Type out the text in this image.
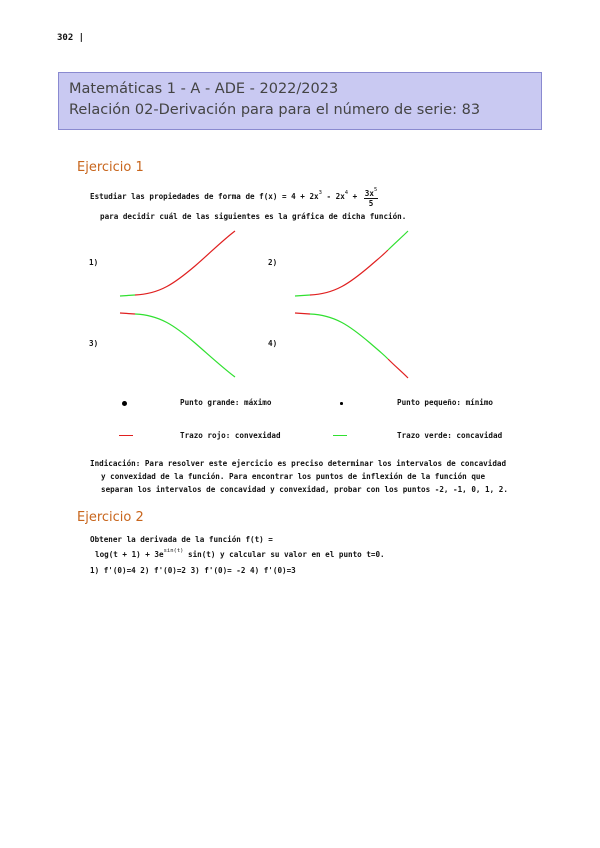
302 |
Matemáticas 1 - A - ADE - 2022/2023
Relación 02-Derivación para para el número de serie: 83
Ejercicio 1
Estudiar las propiedades de forma de $f(x) = 4 + 2x^3 - 2x^4 + \frac{3x^5}{5}$
para decidir cuál de las siguientes es la gráfica de dicha función.
1)	2)
3)	4)
Punto grande: máximo	Punto pequeño: mínimo
Trazo rojo: convexidad	Trazo verde: concavidad
Indicación: Para resolver este ejercicio es preciso determinar los intervalos de concavidad
y convexidad de la función. Para encontrar los puntos de inflexión de la función que
separan los intervalos de concavidad y convexidad, probar con los puntos -2, -1, 0, 1, 2.
Ejercicio 2
Obtener la derivada de la función f(t) =
$\log(t + 1) + 3e^{sin(t)}$ sin(t) y calcular su valor en el punto t=0.
1) f'(0)=4 2) f'(0)=2 3) f'(0)= -2 4) f'(0)=3
